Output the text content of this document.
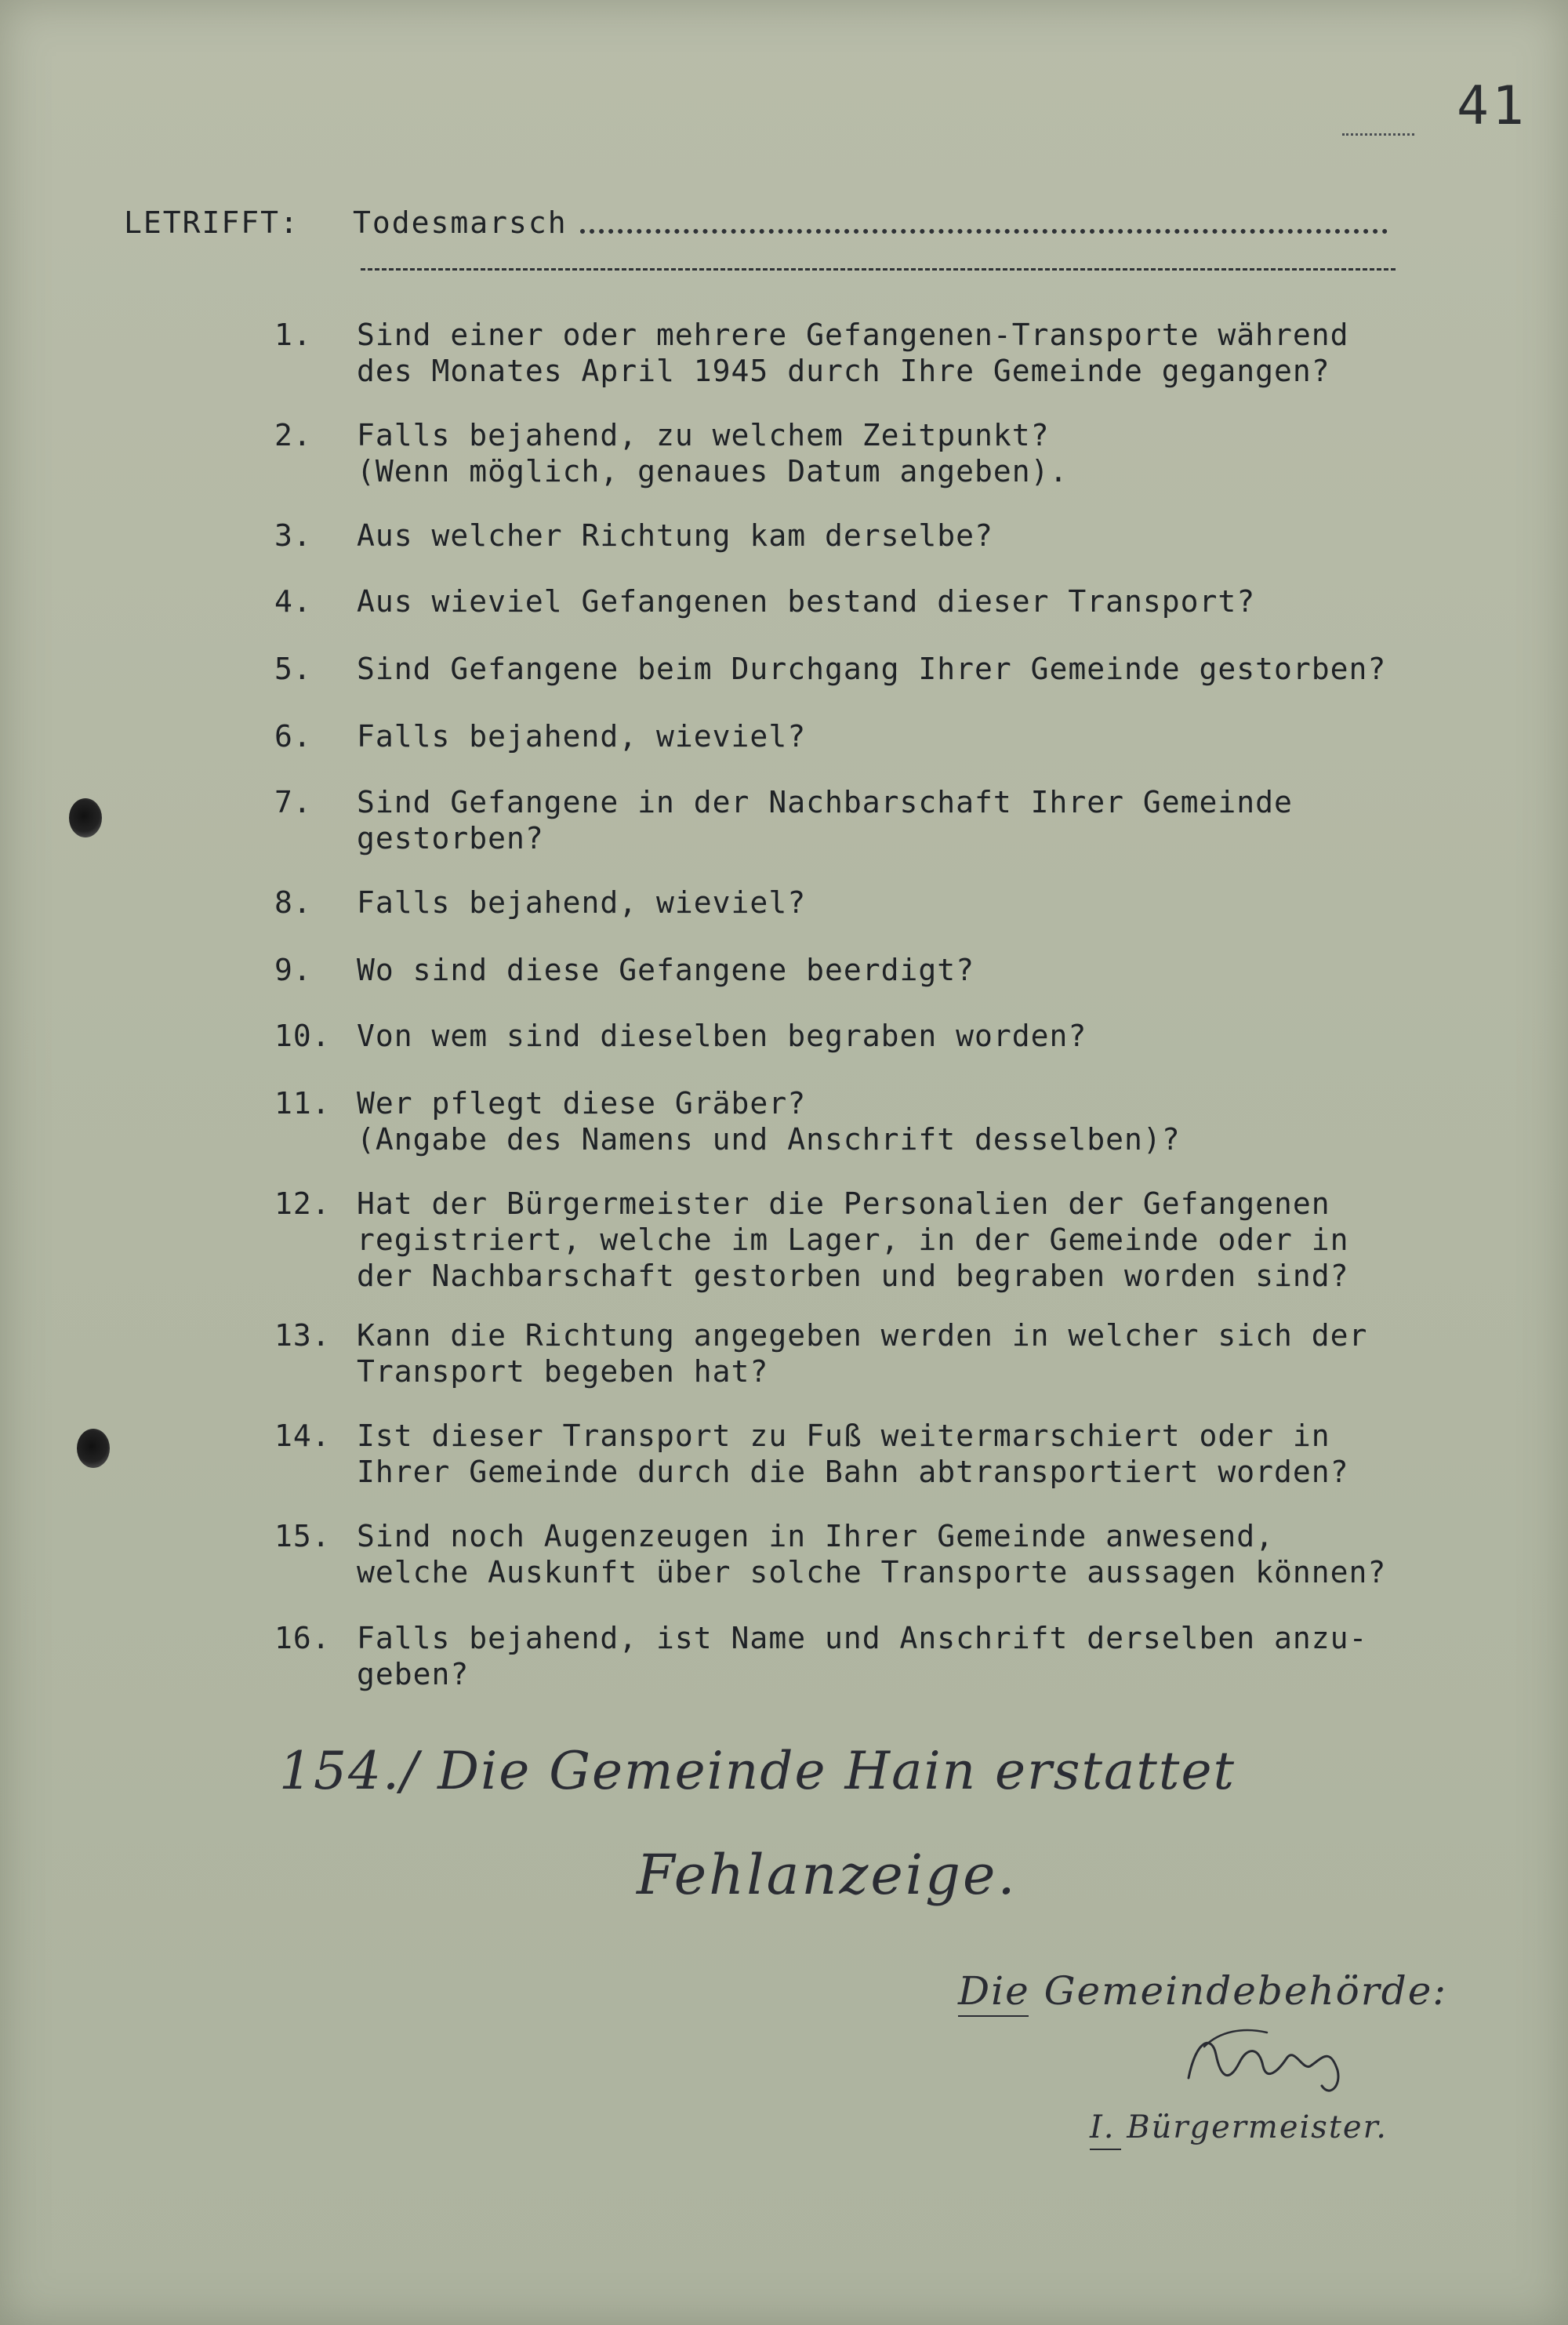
41
LETRIFFT: Todesmarsch
1.	Sind einer oder mehrere Gefangenen-Transporte während
des Monates April 1945 durch Ihre Gemeinde gegangen?
2.	Falls bejahend, zu welchem Zeitpunkt?
(Wenn möglich, genaues Datum angeben).
3.	Aus welcher Richtung kam derselbe?
4.	Aus wieviel Gefangenen bestand dieser Transport?
5.	Sind Gefangene beim Durchgang Ihrer Gemeinde gestorben?
6.	Falls bejahend, wieviel?
7.	Sind Gefangene in der Nachbarschaft Ihrer Gemeinde
gestorben?
8.	Falls bejahend, wieviel?
9.	Wo sind diese Gefangene beerdigt?
10. Von wem sind dieselben begraben worden?
11. Wer pflegt diese Gräber?
(Angabe des Namens und Anschrift desselben)?
12. Hat der Bürgermeister die Personalien der Gefangenen
registriert, welche im Lager, in der Gemeinde oder in
der Nachbarschaft gestorben und begraben worden sind?
13. Kann die Richtung angegeben werden in welcher sich der
Transport begeben hat?
14. Ist dieser Transport zu Fuß weitermarschiert oder in
Ihrer Gemeinde durch die Bahn abtransportiert worden?
15. Sind noch Augenzeugen in Ihrer Gemeinde anwesend,
welche Auskunft über solche Transporte aussagen können?
16. Falls bejahend, ist Name und Anschrift derselben anzu-
geben?
154./ Die Gemeinde Hain erstattet
Fehlanzeige.
Die Gemeindebehörde:
I. Bürgermeister.
